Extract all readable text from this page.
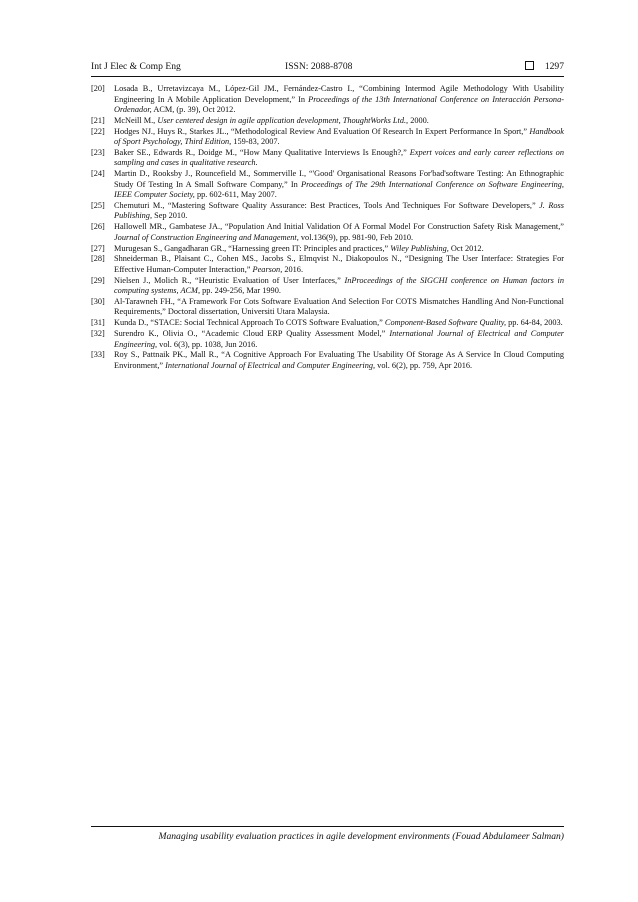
Int J Elec & Comp Eng	ISSN: 2088-8708	1297
[20] Losada B., Urretavizcaya M., López-Gil JM., Fernández-Castro I., “Combining Intermod Agile Methodology With Usability Engineering In A Mobile Application Development,” In Proceedings of the 13th International Conference on Interacción Persona-Ordenador, ACM, (p. 39), Oct 2012.
[21] McNeill M., User centered design in agile application development, ThoughtWorks Ltd., 2000.
[22] Hodges NJ., Huys R., Starkes JL., “Methodological Review And Evaluation Of Research In Expert Performance In Sport,” Handbook of Sport Psychology, Third Edition, 159-83, 2007.
[23] Baker SE., Edwards R., Doidge M., “How Many Qualitative Interviews Is Enough?,” Expert voices and early career reflections on sampling and cases in qualitative research.
[24] Martin D., Rooksby J., Rouncefield M., Sommerville I., “'Good' Organisational Reasons For'bad'software Testing: An Ethnographic Study Of Testing In A Small Software Company,” In Proceedings of The 29th International Conference on Software Engineering, IEEE Computer Society, pp. 602-611, May 2007.
[25] Chemuturi M., “Mastering Software Quality Assurance: Best Practices, Tools And Techniques For Software Developers,” J. Ross Publishing, Sep 2010.
[26] Hallowell MR., Gambatese JA., “Population And Initial Validation Of A Formal Model For Construction Safety Risk Management,” Journal of Construction Engineering and Management, vol.136(9), pp. 981-90, Feb 2010.
[27] Murugesan S., Gangadharan GR., “Harnessing green IT: Principles and practices,” Wiley Publishing, Oct 2012.
[28] Shneiderman B., Plaisant C., Cohen MS., Jacobs S., Elmqvist N., Diakopoulos N., “Designing The User Interface: Strategies For Effective Human-Computer Interaction,” Pearson, 2016.
[29] Nielsen J., Molich R., “Heuristic Evaluation of User Interfaces,” InProceedings of the SIGCHI conference on Human factors in computing systems, ACM, pp. 249-256, Mar 1990.
[30] Al-Tarawneh FH., “A Framework For Cots Software Evaluation And Selection For COTS Mismatches Handling And Non-Functional Requirements,” Doctoral dissertation, Universiti Utara Malaysia.
[31] Kunda D., “STACE: Social Technical Approach To COTS Software Evaluation,” Component-Based Software Quality, pp. 64-84, 2003.
[32] Surendro K., Olivia O., “Academic Cloud ERP Quality Assessment Model,” International Journal of Electrical and Computer Engineering, vol. 6(3), pp. 1038, Jun 2016.
[33] Roy S., Pattnaik PK., Mall R., “A Cognitive Approach For Evaluating The Usability Of Storage As A Service In Cloud Computing Environment,” International Journal of Electrical and Computer Engineering, vol. 6(2), pp. 759, Apr 2016.
Managing usability evaluation practices in agile development environments (Fouad Abdulameer Salman)
